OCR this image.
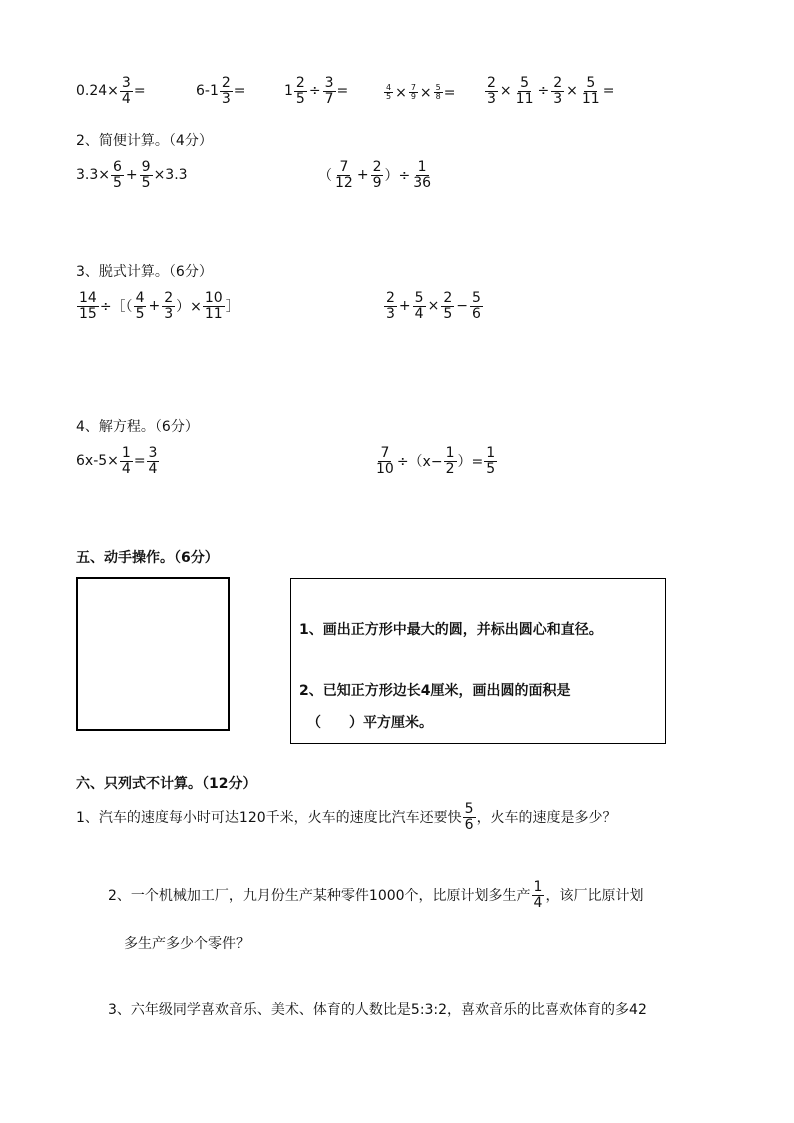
$0.24\times \frac{3}{4}$ =	$6-1 \frac{2}{3}$ =	$1 \frac{2}{5} \div \frac{3}{7}$ =	$\frac{4}{5} \times \frac{7}{9} \times \frac{5}{8} = \frac{2}{3} \times \frac{5}{11} \div \frac{2}{3} \times \frac{5}{11}$ =
2、简便计算。（4分）
$3.3\times \frac{6}{5} + \frac{9}{5} \times 3.3$	（ $\frac{7}{12} + \frac{2}{9}$ ）÷ $\frac{1}{36}$
3、脱式计算。（6分）
$\frac{14}{15}$ ÷［（ $\frac{4}{5} + \frac{2}{3}$ ）× $\frac{10}{11}$ ］	$\frac{2}{3} + \frac{5}{4} \times \frac{2}{5} - \frac{5}{6}$
4、解方程。（6分）
$6x-5\times \frac{1}{4} = \frac{3}{4}$	$\frac{7}{10} \div(x- \frac{1}{2}$ ）= $\frac{1}{5}$
五、动手操作。（6分）
1、画出正方形中最大的圆，并标出圆心和直径。
2、已知正方形边长4厘米，画出圆的面积是
（　　）平方厘米。
六、只列式不计算。（12分）
1、汽车的速度每小时可达120千米，火车的速度比汽车还要快 $\frac{5}{6}$ ，火车的速度是多少？
2、一个机械加工厂，九月份生产某种零件1000个，比原计划多生产 $\frac{1}{4}$ ，该厂比原计划
多生产多少个零件？
3、六年级同学喜欢音乐、美术、体育的人数比是5:3:2，喜欢音乐的比喜欢体育的多42
